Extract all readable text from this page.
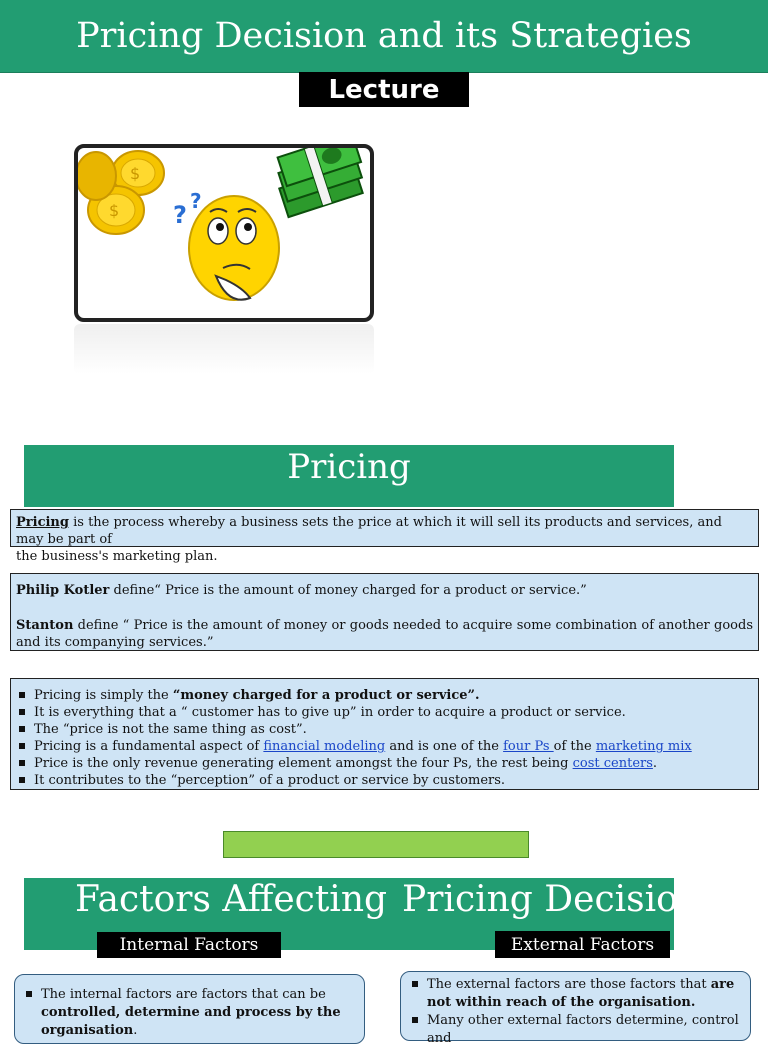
Pricing Decision and its Strategies
Lecture
$
$ ? ?
Pricing
Pricing is the process whereby a business sets the price at which it will sell its products and services, and may be part of
the business's marketing plan.

Philip Kotler define“ Price is the amount of money charged for a product or service.”

Stanton define “ Price is the amount of money or goods needed to acquire some combination of another goods and its companying services.”

Pricing is simply the “money charged for a product or service”.
It is everything that a “ customer has to give up” in order to acquire a product or service.
The “price is not the same thing as cost”.
Pricing is a fundamental aspect of financial modeling and is one of the four Ps of the marketing mix
Price is the only revenue generating element amongst the four Ps, the rest being cost centers.
It contributes to the “perception” of a product or service by customers.
Factors Affecting Pricing Decisions
Internal Factors	External Factors
The internal factors are factors that can be controlled, determine and process by the organisation.
The external factors are those factors that are not within reach of the organisation.
Many other external factors determine, control and
